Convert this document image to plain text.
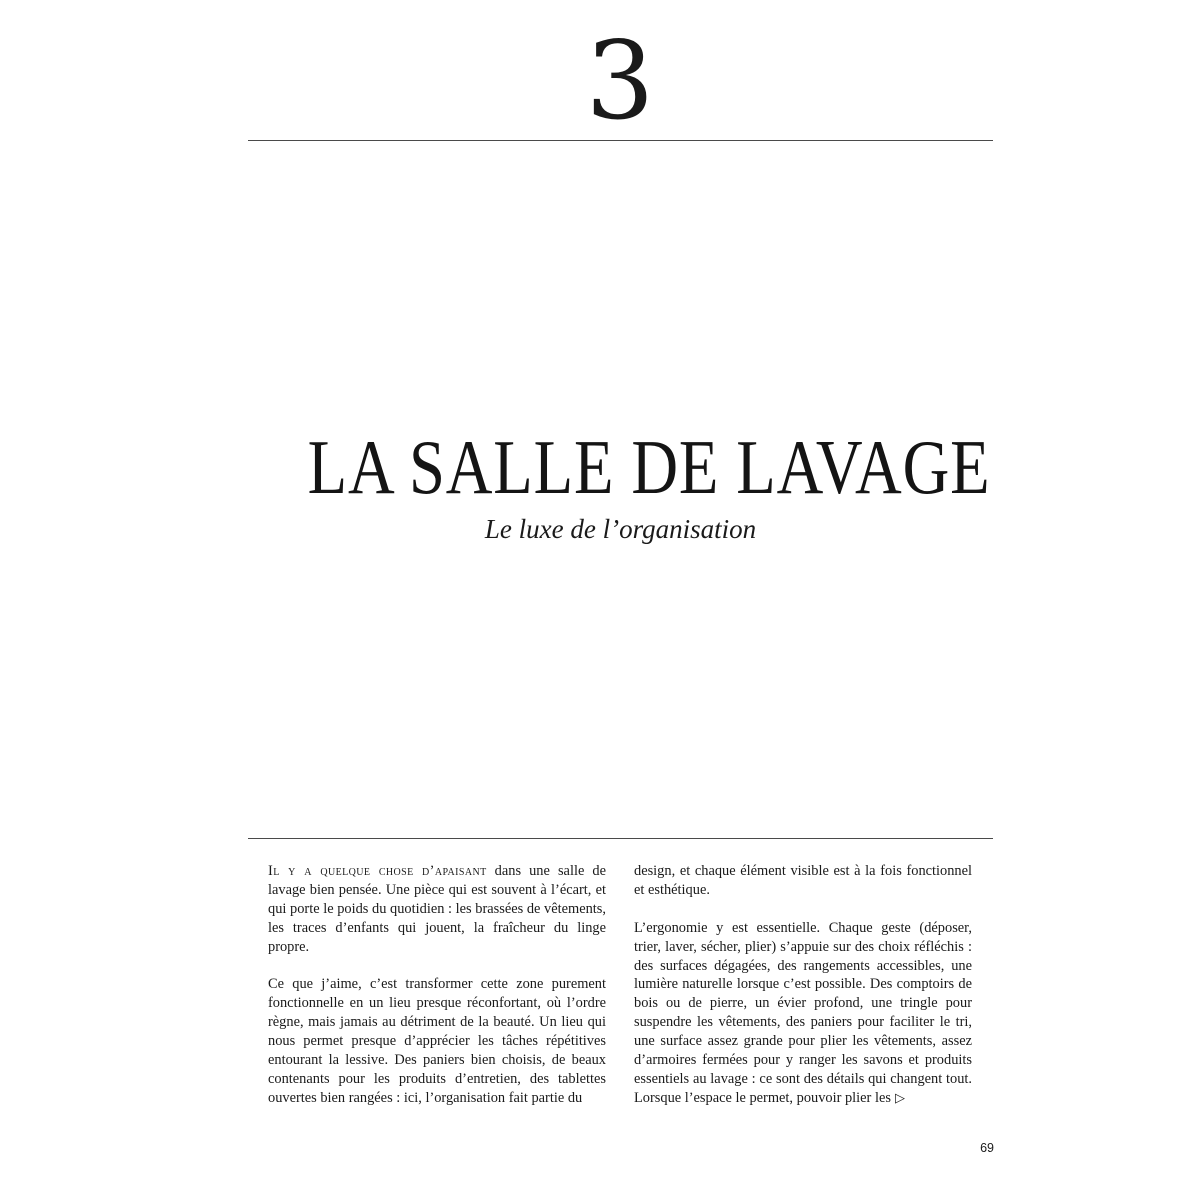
3
LA SALLE DE LAVAGE
Le luxe de l’organisation

Il y a quelque chose d’apaisant dans une salle de lavage bien pensée. Une pièce qui est souvent à l’écart, et qui porte le poids du quotidien : les brassées de vêtements, les traces d’enfants qui jouent, la fraîcheur du linge propre.

Ce que j’aime, c’est transformer cette zone purement fonctionnelle en un lieu presque réconfortant, où l’ordre règne, mais jamais au détriment de la beauté. Un lieu qui nous permet presque d’apprécier les tâches répétitives entourant la lessive. Des paniers bien choisis, de beaux contenants pour les produits d’entretien, des tablettes ouvertes bien rangées : ici, l’organisation fait partie du

design, et chaque élément visible est à la fois fonctionnel et esthétique.

L’ergonomie y est essentielle. Chaque geste (déposer, trier, laver, sécher, plier) s’appuie sur des choix réfléchis : des surfaces dégagées, des rangements accessibles, une lumière naturelle lorsque c’est possible. Des comptoirs de bois ou de pierre, un évier profond, une tringle pour suspendre les vêtements, des paniers pour faciliter le tri, une surface assez grande pour plier les vêtements, assez d’armoires fermées pour y ranger les savons et produits essentiels au lavage : ce sont des détails qui changent tout. Lorsque l’espace le permet, pouvoir plier les ▷

69
